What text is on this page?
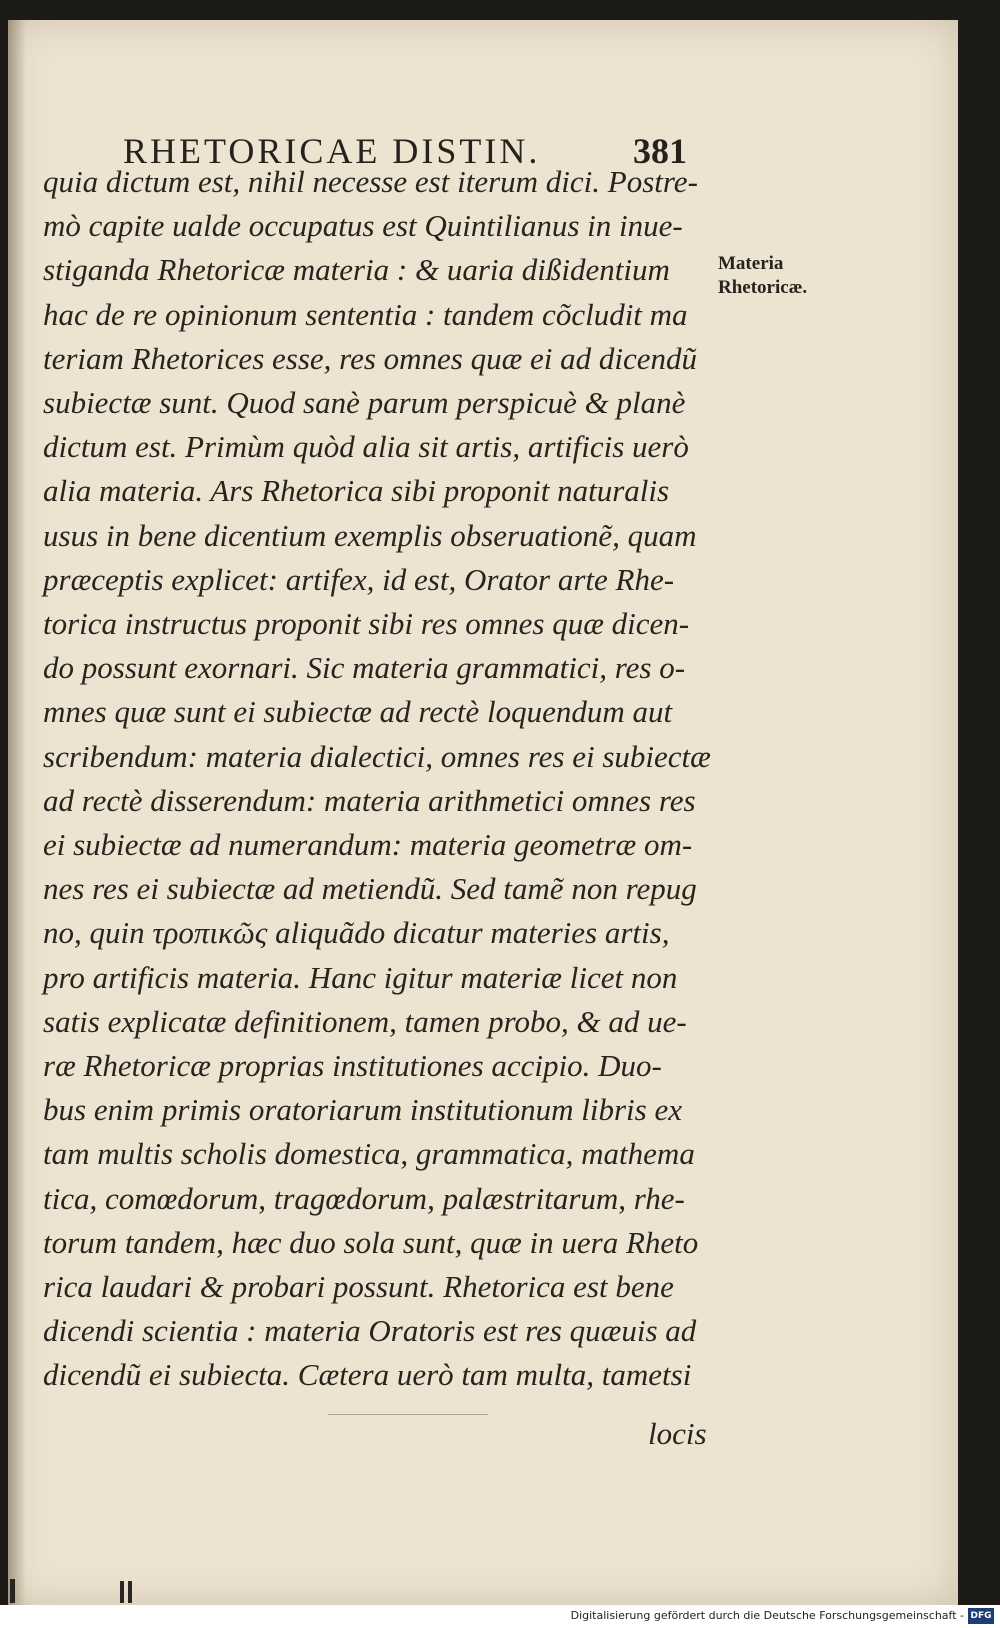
RHETORICAE DISTIN.	381
quia dictum est, nihil necesse est iterum dici. Postre-
mò capite ualde occupatus est Quintilianus in inue-
stiganda Rhetoricæ materia : & uaria dißidentium
hac de re opinionum sententia : tandem cõcludit ma
teriam Rhetorices esse, res omnes quæ ei ad dicendũ
subiectæ sunt. Quod sanè parum perspicuè & planè
dictum est. Primùm quòd alia sit artis, artificis uerò
alia materia. Ars Rhetorica sibi proponit naturalis
usus in bene dicentium exemplis obseruationẽ, quam
præceptis explicet: artifex, id est, Orator arte Rhe-
torica instructus proponit sibi res omnes quæ dicen-
do possunt exornari. Sic materia grammatici, res o-
mnes quæ sunt ei subiectæ ad rectè loquendum aut
scribendum: materia dialectici, omnes res ei subiectæ
ad rectè disserendum: materia arithmetici omnes res
ei subiectæ ad numerandum: materia geometræ om-
nes res ei subiectæ ad metiendũ. Sed tamẽ non repug
no, quin τροπικῶς aliquãdo dicatur materies artis,
pro artificis materia. Hanc igitur materiæ licet non
satis explicatæ definitionem, tamen probo, & ad ue-
ræ Rhetoricæ proprias institutiones accipio. Duo-
bus enim primis oratoriarum institutionum libris ex
tam multis scholis domestica, grammatica, mathema
tica, comœdorum, tragœdorum, palæstritarum, rhe-
torum tandem, hæc duo sola sunt, quæ in uera Rheto
rica laudari & probari possunt. Rhetorica est bene
dicendi scientia : materia Oratoris est res quæuis ad
dicendũ ei subiecta. Cætera uerò tam multa, tametsi
Materia
Rhetoricæ.
locis
Digitalisierung gefördert durch die Deutsche Forschungsgemeinschaft - DFG
